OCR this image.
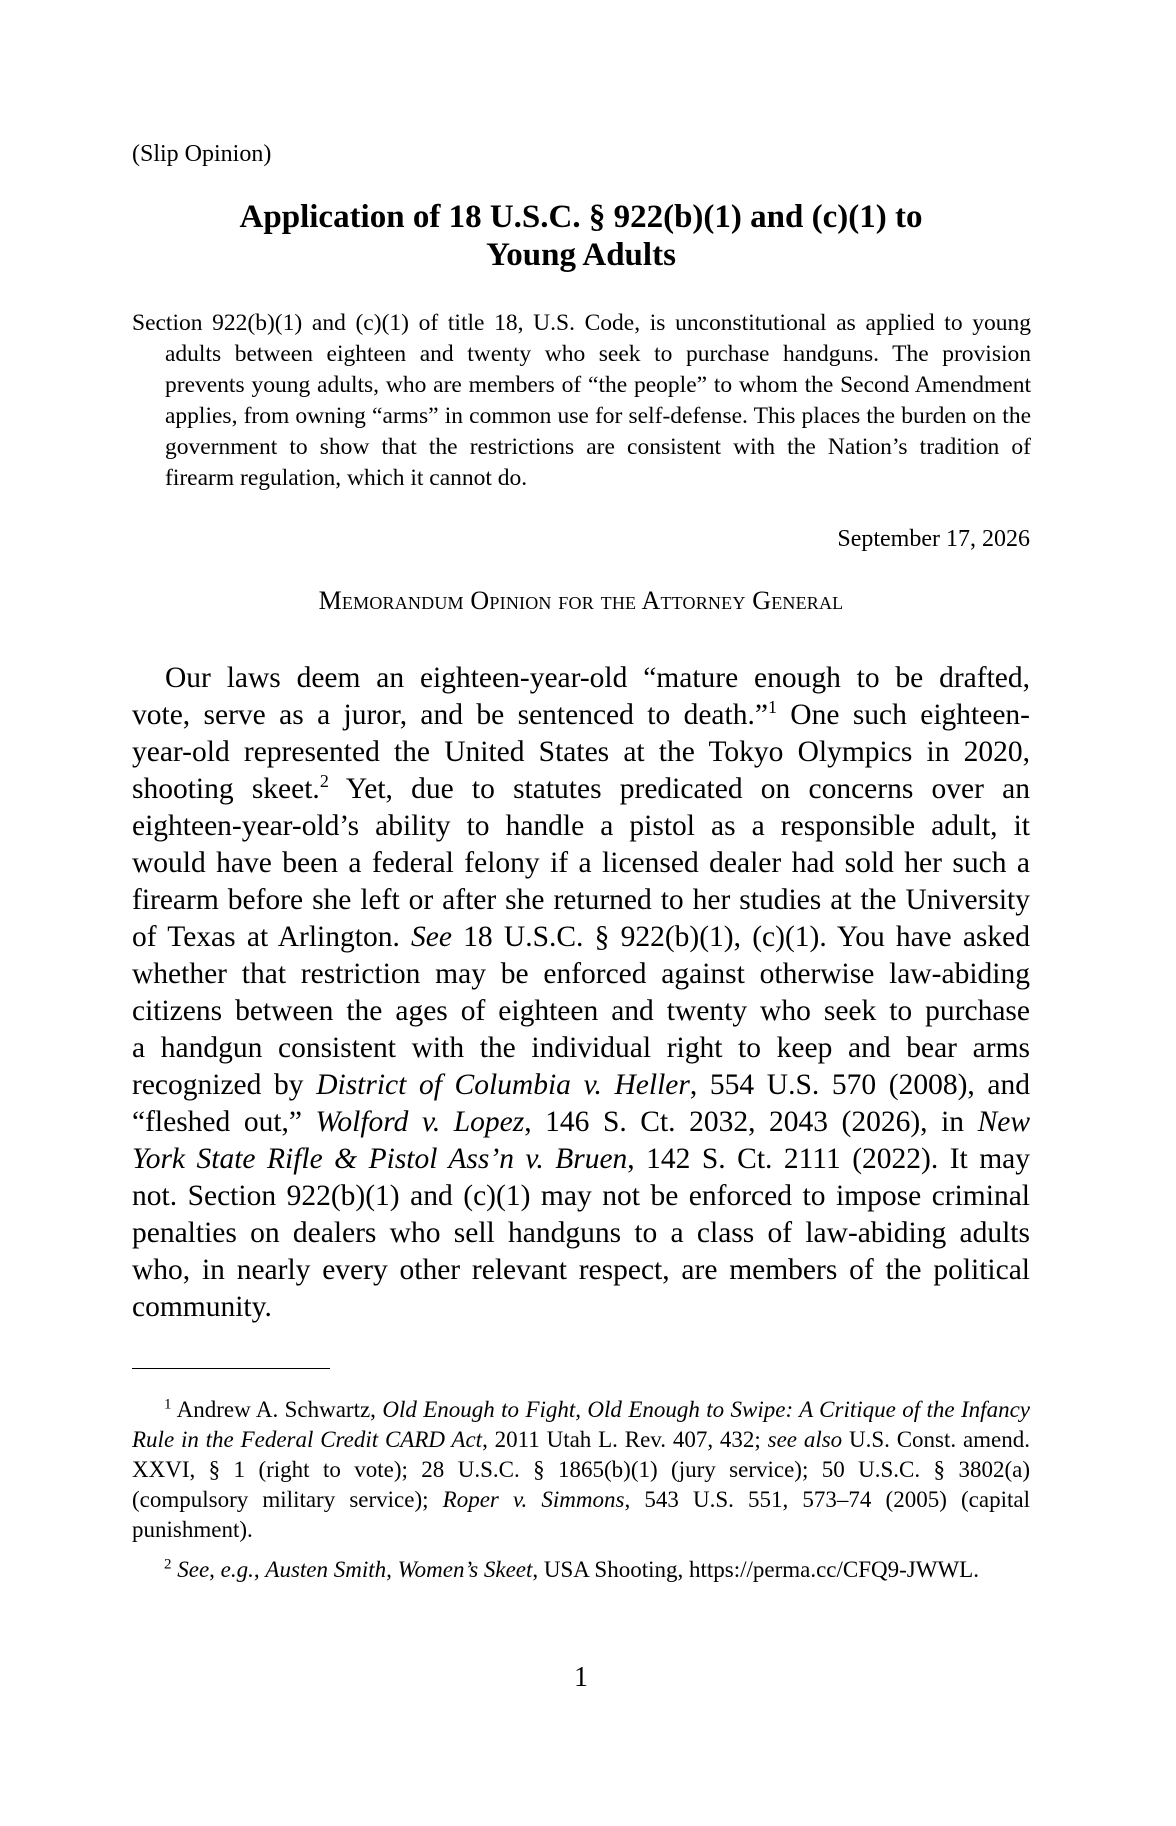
(Slip Opinion)
Application of 18 U.S.C. § 922(b)(1) and (c)(1) to
Young Adults
Section 922(b)(1) and (c)(1) of title 18, U.S. Code, is unconstitutional as applied to young adults between eighteen and twenty who seek to purchase handguns. The provision prevents young adults, who are members of “the people” to whom the Second Amendment applies, from owning “arms” in common use for self-defense. This places the burden on the government to show that the restrictions are consistent with the Nation’s tradition of firearm regulation, which it cannot do.
September 17, 2026
Memorandum Opinion for the Attorney General
Our laws deem an eighteen-year-old “mature enough to be drafted,
vote, serve as a juror, and be sentenced to death.”$^1$ One such eighteen-
year-old represented the United States at the Tokyo Olympics in 2020,
shooting skeet.$^2$ Yet, due to statutes predicated on concerns over an
eighteen-year-old’s ability to handle a pistol as a responsible adult, it
would have been a federal felony if a licensed dealer had sold her such a
firearm before she left or after she returned to her studies at the University
of Texas at Arlington. See 18 U.S.C. § 922(b)(1), (c)(1). You have asked
whether that restriction may be enforced against otherwise law-abiding
citizens between the ages of eighteen and twenty who seek to purchase
a handgun consistent with the individual right to keep and bear arms
recognized by District of Columbia v. Heller, 554 U.S. 570 (2008), and
“fleshed out,” Wolford v. Lopez, 146 S. Ct. 2032, 2043 (2026), in New
York State Rifle & Pistol Ass’n v. Bruen, 142 S. Ct. 2111 (2022). It may
not. Section 922(b)(1) and (c)(1) may not be enforced to impose criminal
penalties on dealers who sell handguns to a class of law-abiding adults
who, in nearly every other relevant respect, are members of the political
community.
$^1$ Andrew A. Schwartz, Old Enough to Fight, Old Enough to Swipe: A Critique of the Infancy Rule in the Federal Credit CARD Act, 2011 Utah L. Rev. 407, 432; see also U.S. Const. amend. XXVI, § 1 (right to vote); 28 U.S.C. § 1865(b)(1) (jury service); 50 U.S.C. § 3802(a) (compulsory military service); Roper v. Simmons, 543 U.S. 551, 573–74 (2005) (capital punishment).
$^2$ See, e.g., Austen Smith, Women’s Skeet, USA Shooting, https://perma.cc/CFQ9-JWWL.
1
